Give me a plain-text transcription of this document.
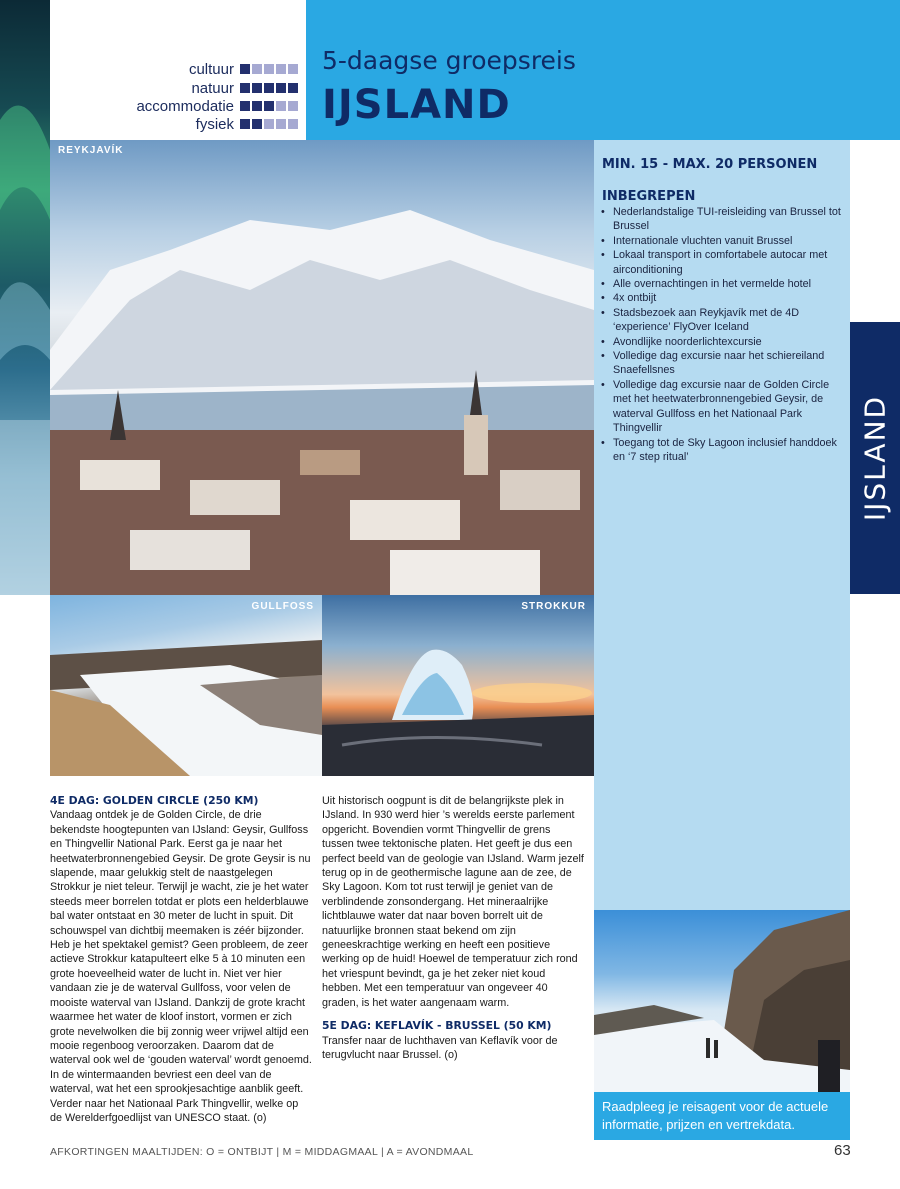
cultuur
natuur
accommodatie
fysiek
5-daagse groepsreis
IJSLAND
REYKJAVÍK
MIN. 15 - MAX. 20 PERSONEN
INBEGREPEN
• Nederlandstalige TUI-reisleiding van Brussel tot Brussel
• Internationale vluchten vanuit Brussel
• Lokaal transport in comfortabele autocar met airconditioning
• Alle overnachtingen in het vermelde hotel
• 4x ontbijt
• Stadsbezoek aan Reykjavík met de 4D ‘experience’ FlyOver Iceland
• Avondlijke noorderlichtexcursie
• Volledige dag excursie naar het schiereiland Snaefellsnes
• Volledige dag excursie naar de Golden Circle met het heetwaterbronnengebied Geysir, de waterval Gullfoss en het Nationaal Park Thingvellir
• Toegang tot de Sky Lagoon inclusief handdoek en ‘7 step ritual’	IJSLAND
GULLFOSS	STROKKUR
4E DAG: GOLDEN CIRCLE (250 KM)
Vandaag ontdek je de Golden Circle, de drie bekendste hoogtepunten van IJsland: Geysir, Gullfoss en Thingvellir National Park. Eerst ga je naar het heetwaterbronnengebied Geysir. De grote Geysir is nu slapende, maar gelukkig stelt de naastgelegen Strokkur je niet teleur. Terwijl je wacht, zie je het water steeds meer borrelen totdat er plots een helderblauwe bal water ontstaat en 30 meter de lucht in spuit. Dit schouwspel van dichtbij meemaken is zéér bijzonder. Heb je het spektakel gemist? Geen probleem, de zeer actieve Strokkur katapulteert elke 5 à 10 minuten een grote hoeveelheid water de lucht in. Niet ver hier vandaan zie je de waterval Gullfoss, voor velen de mooiste waterval van IJsland. Dankzij de grote kracht waarmee het water de kloof instort, vormen er zich grote nevelwolken die bij zonnig weer vrijwel altijd een mooie regenboog veroorzaken. Daarom dat de waterval ook wel de ‘gouden waterval’ wordt genoemd. In de wintermaanden bevriest een deel van de waterval, wat het een sprookjesachtige aanblik geeft. Verder naar het Nationaal Park Thingvellir, welke op de Werelderfgoedlijst van UNESCO staat. (o)
Uit historisch oogpunt is dit de belangrijkste plek in IJsland. In 930 werd hier ’s werelds eerste parlement opgericht. Bovendien vormt Thingvellir de grens tussen twee tektonische platen. Het geeft je dus een perfect beeld van de geologie van IJsland. Warm jezelf terug op in de geothermische lagune aan de zee, de Sky Lagoon. Kom tot rust terwijl je geniet van de verblindende zonsondergang. Het mineraalrijke lichtblauwe water dat naar boven borrelt uit de natuurlijke bronnen staat bekend om zijn geneeskrachtige werking en heeft een positieve werking op de huid! Hoewel de temperatuur zich rond het vriespunt bevindt, ga je het zeker niet koud hebben. Met een temperatuur van ongeveer 40 graden, is het water aangenaam warm.
5E DAG: KEFLAVÍK - BRUSSEL (50 KM)
Transfer naar de luchthaven van Keflavík voor de terugvlucht naar Brussel. (o)
Raadpleeg je reisagent voor de actuele informatie, prijzen en vertrekdata.
AFKORTINGEN MAALTIJDEN: O = ONTBIJT | M = MIDDAGMAAL | A = AVONDMAAL	63
